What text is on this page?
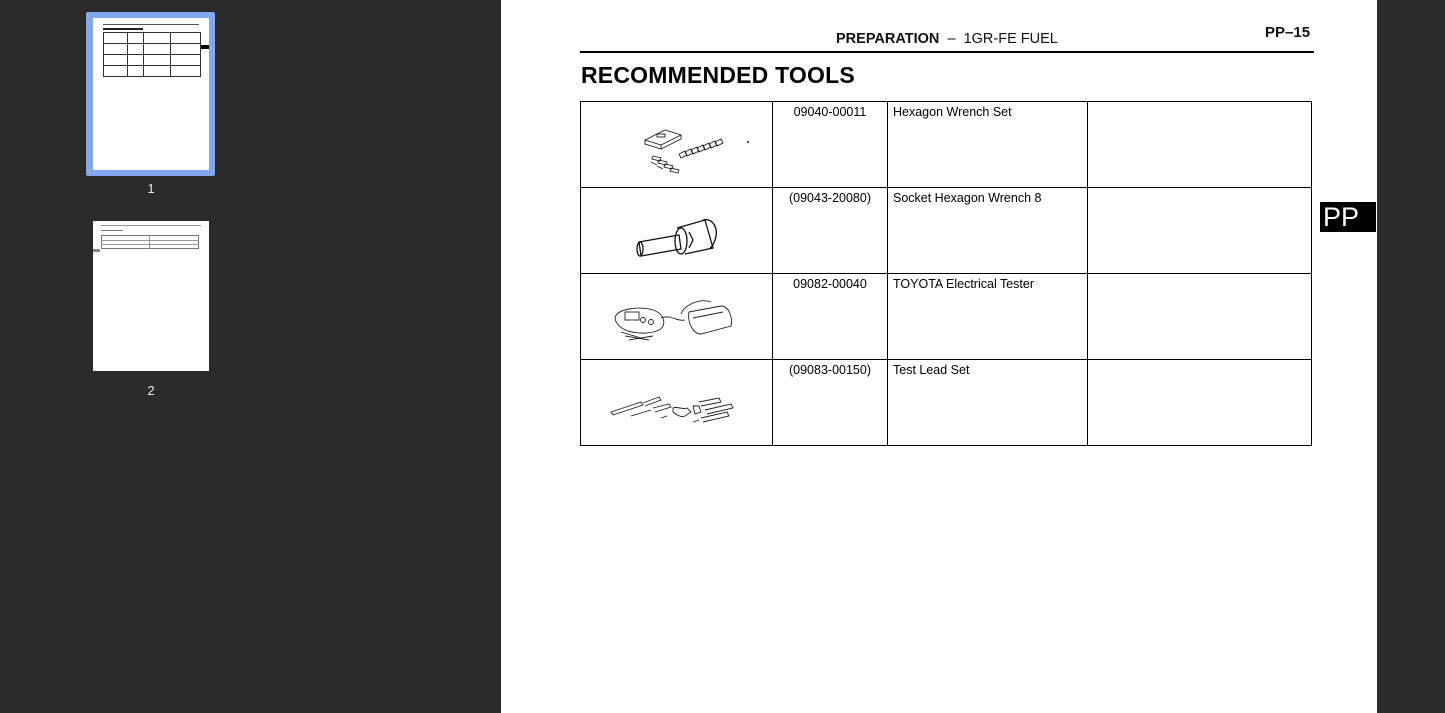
1
2
PREPARATION – 1GR-FE FUEL	PP–15
RECOMMENDED TOOLS
	09040-00011	Hexagon Wrench Set	

	(09043-20080)	Socket Hexagon Wrench 8	

	09082-00040	TOYOTA Electrical Tester	

	(09083-00150)	Test Lead Set	
PP
